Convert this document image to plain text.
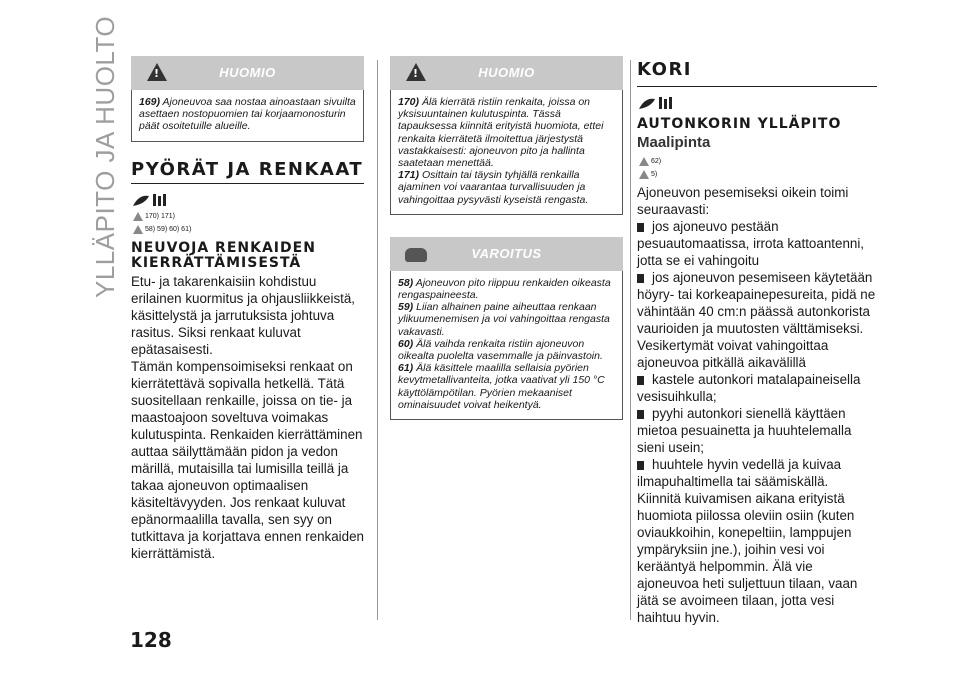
YLLÄPITO JA HUOLTO
!	HUOMIO

169) Ajoneuvoa saa nostaa ainoastaan sivuilta asettaen nostopuomien tai korjaamonosturin päät osoitetuille alueille.

PYÖRÄT JA RENKAAT
170) 171)
58) 59) 60) 61)
NEUVOJA RENKAIDEN KIERRÄTTÄMISESTÄ

Etu- ja takarenkaisiin kohdistuu erilainen kuormitus ja ohjausliikkeistä, käsittelystä ja jarrutuksista johtuva rasitus. Siksi renkaat kuluvat epätasaisesti.

Tämän kompensoimiseksi renkaat on kierrätettävä sopivalla hetkellä. Tätä suositellaan renkaille, joissa on tie- ja maastoajoon soveltuva voimakas kulutuspinta. Renkaiden kierrättäminen auttaa säilyttämään pidon ja vedon märillä, mutaisilla tai lumisilla teillä ja takaa ajoneuvon optimaalisen käsiteltävyyden. Jos renkaat kuluvat epänormaalilla tavalla, sen syy on tutkittava ja korjattava ennen renkaiden kierrättämistä.

!
HUOMIO

170) Älä kierrätä ristiin renkaita, joissa on yksisuuntainen kulutuspinta. Tässä tapauksessa kiinnitä erityistä huomiota, ettei renkaita kierrätetä ilmoitettua järjestystä vastakkaisesti: ajoneuvon pito ja hallinta saatetaan menettää.

171) Osittain tai täysin tyhjällä renkailla ajaminen voi vaarantaa turvallisuuden ja vahingoittaa pysyvästi kyseistä rengasta.

VAROITUS

58) Ajoneuvon pito riippuu renkaiden oikeasta rengaspaineesta.

59) Liian alhainen paine aiheuttaa renkaan ylikuumenemisen ja voi vahingoittaa rengasta vakavasti.

60) Älä vaihda renkaita ristiin ajoneuvon oikealta puolelta vasemmalle ja päinvastoin.

61) Älä käsittele maalilla sellaisia pyörien kevytmetallivanteita, jotka vaativat yli 150 °C käyttölämpötilan. Pyörien mekaaniset ominaisuudet voivat heikentyä.

KORI
AUTONKORIN YLLÄPITO
Maalipinta
62)
5)

Ajoneuvon pesemiseksi oikein toimi seuraavasti:

jos ajoneuvo pestään pesuautomaatissa, irrota kattoantenni, jotta se ei vahingoitu

jos ajoneuvon pesemiseen käytetään höyry- tai korkeapainepesureita, pidä ne vähintään 40 cm:n päässä autonkorista vaurioiden ja muutosten välttämiseksi. Vesikertymät voivat vahingoittaa ajoneuvoa pitkällä aikavälillä

kastele autonkori matalapaineisella vesisuihkulla;

pyyhi autonkori sienellä käyttäen mietoa pesuainetta ja huuhtelemalla sieni usein;

huuhtele hyvin vedellä ja kuivaa ilmapuhaltimella tai säämiskällä.

Kiinnitä kuivamisen aikana erityistä huomiota piilossa oleviin osiin (kuten oviaukkoihin, konepeltiin, lamppujen ympäryksiin jne.), joihin vesi voi kerääntyä helpommin. Älä vie ajoneuvoa heti suljettuun tilaan, vaan jätä se avoimeen tilaan, jotta vesi haihtuu hyvin.

128
